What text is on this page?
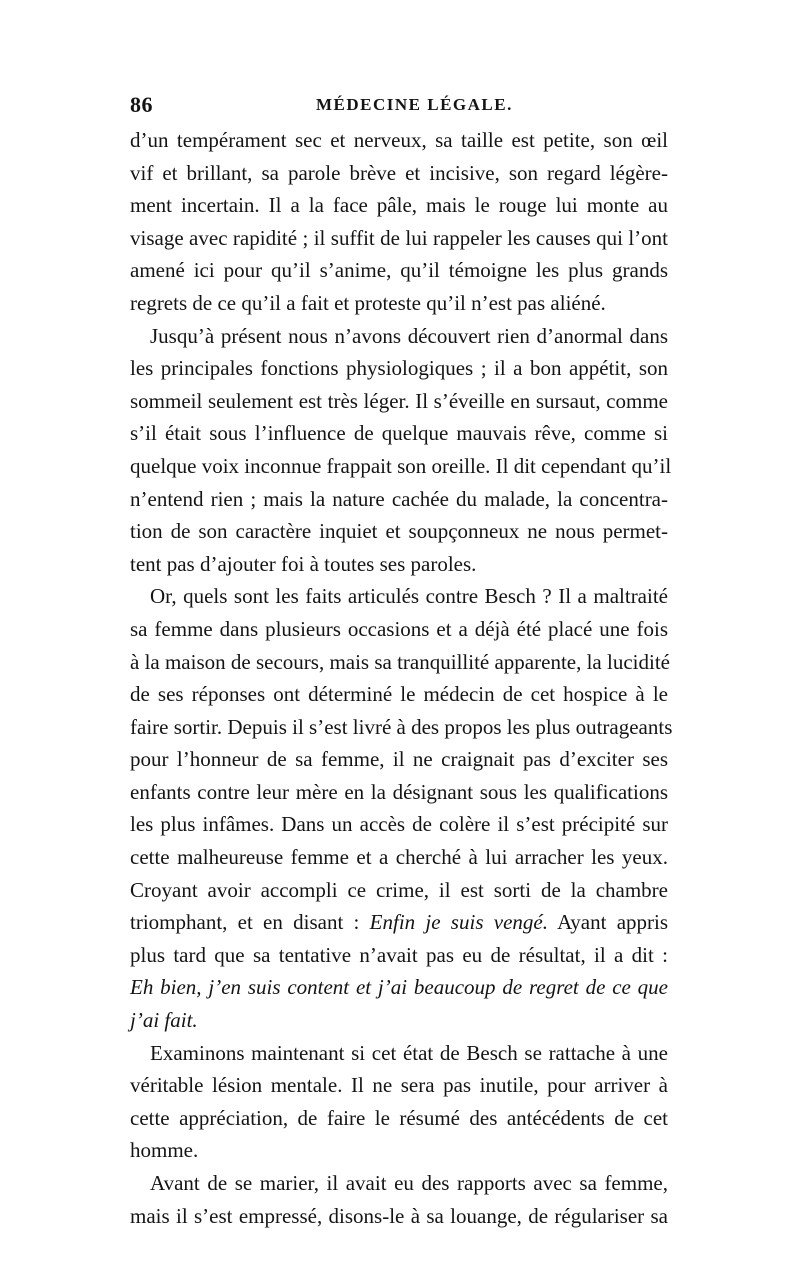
86	MÉDECINE LÉGALE.
d’un tempérament sec et nerveux, sa taille est petite, son œil
vif et brillant, sa parole brève et incisive, son regard légère-
ment incertain. Il a la face pâle, mais le rouge lui monte au
visage avec rapidité ; il suffit de lui rappeler les causes qui l’ont
amené ici pour qu’il s’anime, qu’il témoigne les plus grands
regrets de ce qu’il a fait et proteste qu’il n’est pas aliéné.
Jusqu’à présent nous n’avons découvert rien d’anormal dans
les principales fonctions physiologiques ; il a bon appétit, son
sommeil seulement est très léger. Il s’éveille en sursaut, comme
s’il était sous l’influence de quelque mauvais rêve, comme si
quelque voix inconnue frappait son oreille. Il dit cependant qu’il
n’entend rien ; mais la nature cachée du malade, la concentra-
tion de son caractère inquiet et soupçonneux ne nous permet-
tent pas d’ajouter foi à toutes ses paroles.
Or, quels sont les faits articulés contre Besch ? Il a maltraité
sa femme dans plusieurs occasions et a déjà été placé une fois
à la maison de secours, mais sa tranquillité apparente, la lucidité
de ses réponses ont déterminé le médecin de cet hospice à le
faire sortir. Depuis il s’est livré à des propos les plus outrageants
pour l’honneur de sa femme, il ne craignait pas d’exciter ses
enfants contre leur mère en la désignant sous les qualifications
les plus infâmes. Dans un accès de colère il s’est précipité sur
cette malheureuse femme et a cherché à lui arracher les yeux.
Croyant avoir accompli ce crime, il est sorti de la chambre
triomphant, et en disant : Enfin je suis vengé. Ayant appris
plus tard que sa tentative n’avait pas eu de résultat, il a dit :
Eh bien, j’en suis content et j’ai beaucoup de regret de ce que
j’ai fait.
Examinons maintenant si cet état de Besch se rattache à une
véritable lésion mentale. Il ne sera pas inutile, pour arriver à
cette appréciation, de faire le résumé des antécédents de cet
homme.
Avant de se marier, il avait eu des rapports avec sa femme,
mais il s’est empressé, disons-le à sa louange, de régulariser sa
